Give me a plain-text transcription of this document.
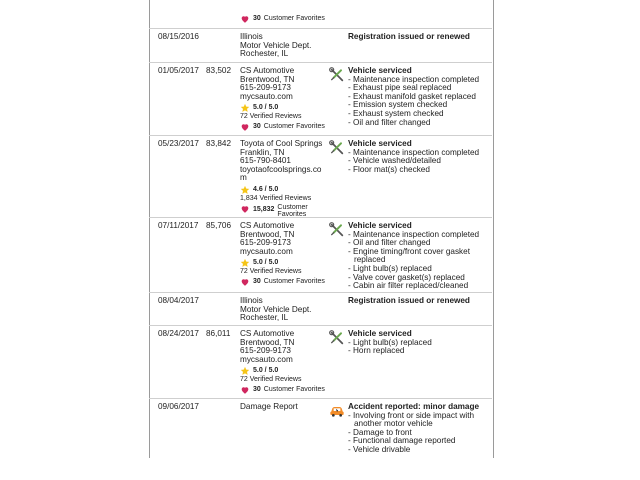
30 Customer Favorites
08/15/2016	Illinois
Motor Vehicle Dept.
Rochester, IL
Registration issued or renewed
01/05/2017 83,502 CS Automotive
Brentwood, TN
615-209-9173
mycsauto.com
5.0 / 5.0
72 Verified Reviews
30 Customer Favorites
Vehicle serviced
- Maintenance inspection completed
- Exhaust pipe seal replaced
- Exhaust manifold gasket replaced
- Emission system checked
- Exhaust system checked
- Oil and filter changed
05/23/2017 83,842 Toyota of Cool Springs
Franklin, TN
615-790-8401
toyotaofcoolsprings.co
m
4.6 / 5.0
1,834 Verified Reviews
15,832 Customer
Favorites
Vehicle serviced
- Maintenance inspection completed
- Vehicle washed/detailed
- Floor mat(s) checked
07/11/2017 85,706 CS Automotive
Brentwood, TN
615-209-9173
mycsauto.com
5.0 / 5.0
72 Verified Reviews
30 Customer Favorites
Vehicle serviced
- Maintenance inspection completed
- Oil and filter changed
- Engine timing/front cover gasket replaced
- Light bulb(s) replaced
- Valve cover gasket(s) replaced
- Cabin air filter replaced/cleaned
08/04/2017	Illinois
Motor Vehicle Dept.
Rochester, IL
Registration issued or renewed
08/24/2017 86,011 CS Automotive
Brentwood, TN
615-209-9173
mycsauto.com
5.0 / 5.0
72 Verified Reviews
30 Customer Favorites
Vehicle serviced
- Light bulb(s) replaced
- Horn replaced
09/06/2017	Damage Report	Accident reported: minor damage
- Involving front or side impact with another motor vehicle
- Damage to front
- Functional damage reported
- Vehicle drivable
